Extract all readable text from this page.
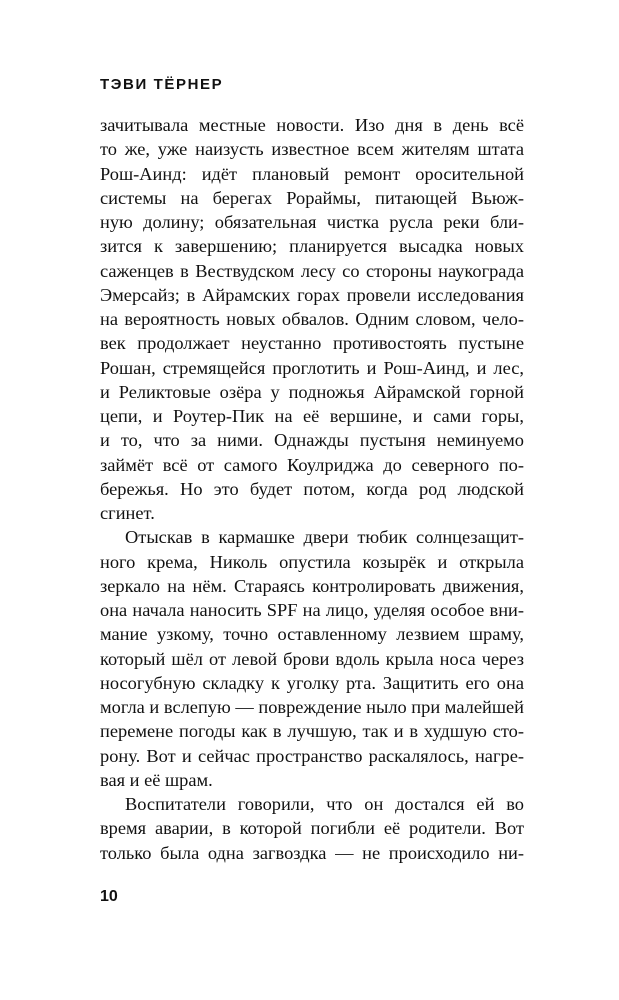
ТЭВИ ТЁРНЕР

зачитывала местные новости. Изо дня в день всё
то же, уже наизусть известное всем жителям штата
Рош-Аинд: идёт плановый ремонт оросительной
системы на берегах Рораймы, питающей Вьюж-
ную долину; обязательная чистка русла реки бли-
зится к завершению; планируется высадка новых
саженцев в Вествудском лесу со стороны наукограда
Эмерсайз; в Айрамских горах провели исследования
на вероятность новых обвалов. Одним словом, чело-
век продолжает неустанно противостоять пустыне
Рошан, стремящейся проглотить и Рош-Аинд, и лес,
и Реликтовые озёра у подножья Айрамской горной
цепи, и Роутер-Пик на её вершине, и сами горы,
и то, что за ними. Однажды пустыня неминуемо
займёт всё от самого Коулриджа до северного по-
бережья. Но это будет потом, когда род людской
сгинет.

Отыскав в кармашке двери тюбик солнцезащит-
ного крема, Николь опустила козырёк и открыла
зеркало на нём. Стараясь контролировать движения,
она начала наносить SPF на лицо, уделяя особое вни-
мание узкому, точно оставленному лезвием шраму,
который шёл от левой брови вдоль крыла носа через
носогубную складку к уголку рта. Защитить его она
могла и вслепую — повреждение ныло при малейшей
перемене погоды как в лучшую, так и в худшую сто-
рону. Вот и сейчас пространство раскалялось, нагре-
вая и её шрам.

Воспитатели говорили, что он достался ей во
время аварии, в которой погибли её родители. Вот
только была одна загвоздка — не происходило ни-

10
